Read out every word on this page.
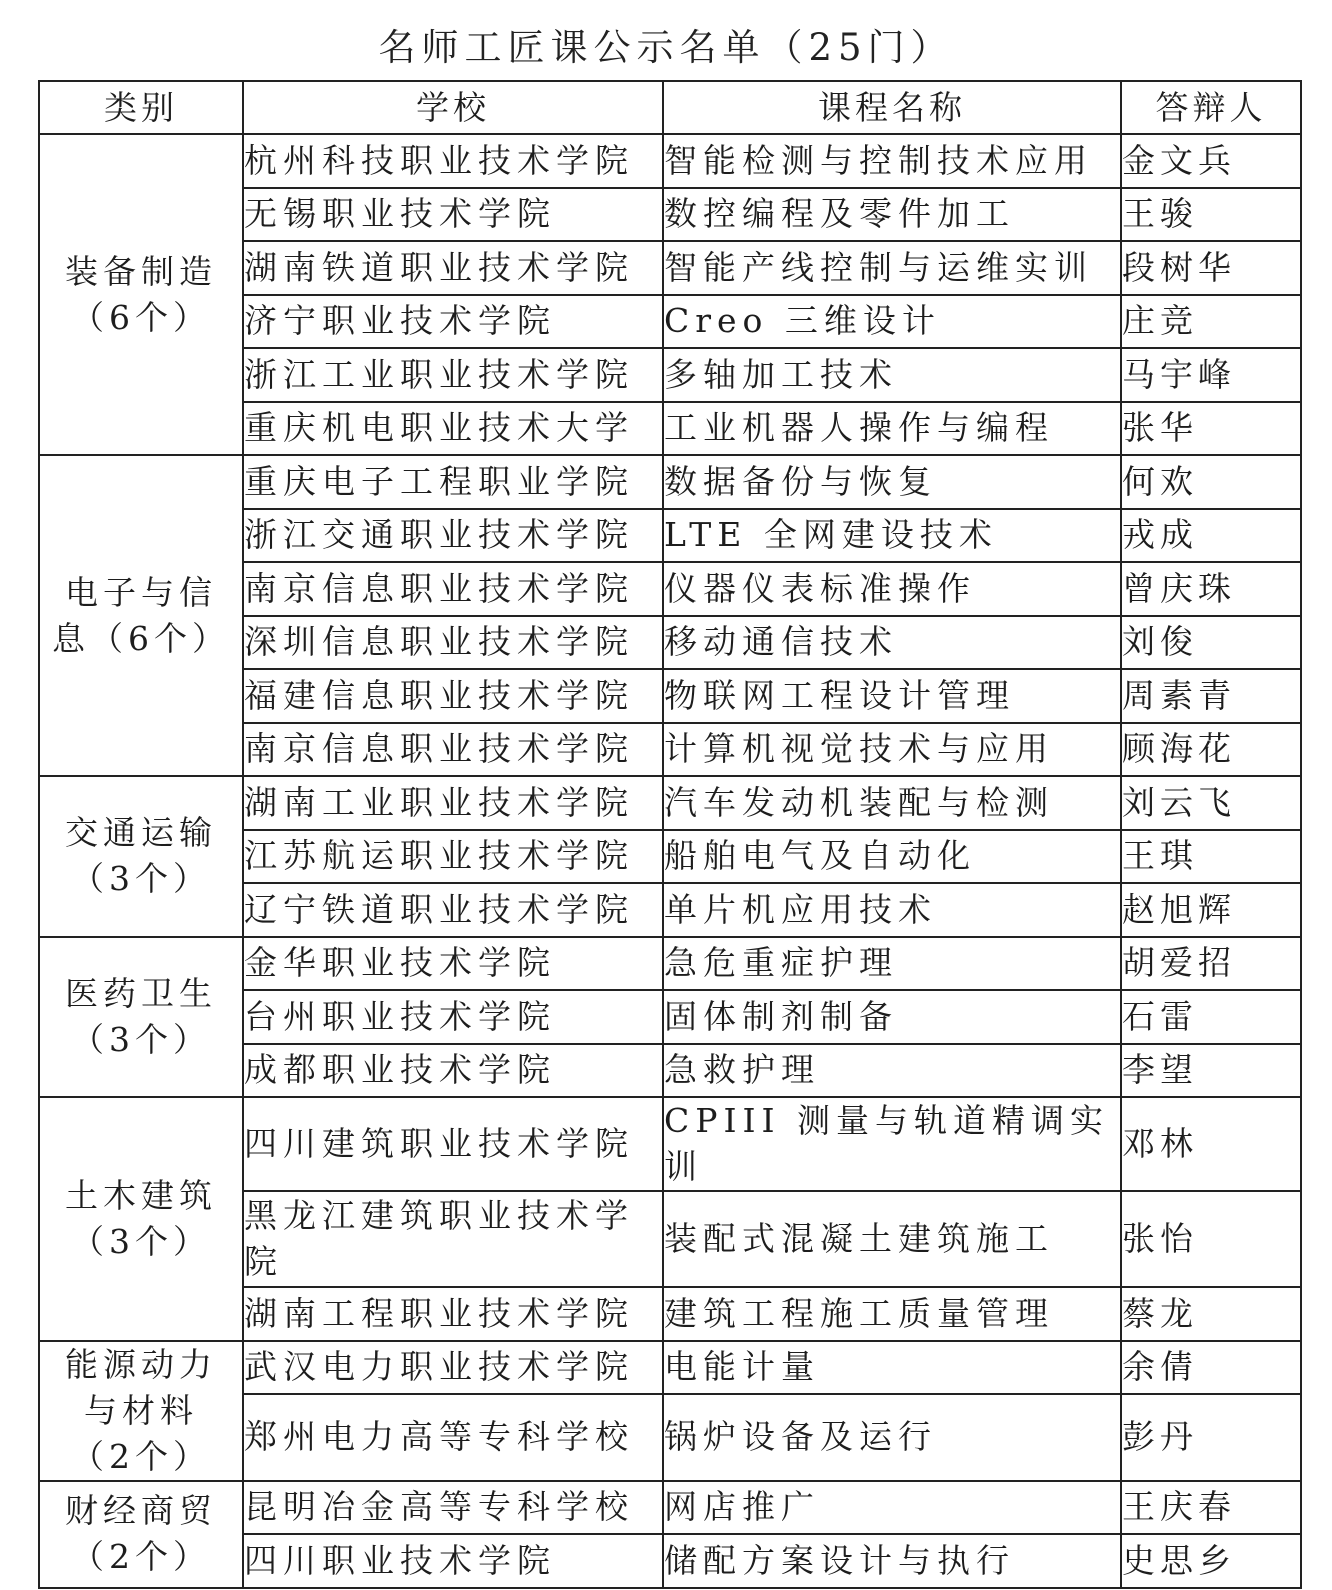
名师工匠课公示名单（25门）
类别	学校	课程名称	答辩人

装备制造
（6个）	杭州科技职业技术学院	智能检测与控制技术应用	金文兵
	无锡职业技术学院	数控编程及零件加工	王骏
	湖南铁道职业技术学院	智能产线控制与运维实训	段树华
	济宁职业技术学院	Creo 三维设计	庄竞
	浙江工业职业技术学院	多轴加工技术	马宇峰
	重庆机电职业技术大学	工业机器人操作与编程	张华

电子与信
息（6个）	重庆电子工程职业学院	数据备份与恢复	何欢
	浙江交通职业技术学院	LTE 全网建设技术	戎成
	南京信息职业技术学院	仪器仪表标准操作	曾庆珠
	深圳信息职业技术学院	移动通信技术	刘俊
	福建信息职业技术学院	物联网工程设计管理	周素青
	南京信息职业技术学院	计算机视觉技术与应用	顾海花

交通运输
（3个）	湖南工业职业技术学院	汽车发动机装配与检测	刘云飞
	江苏航运职业技术学院	船舶电气及自动化	王琪
	辽宁铁道职业技术学院	单片机应用技术	赵旭辉

医药卫生
（3个）	金华职业技术学院	急危重症护理	胡爱招
	台州职业技术学院	固体制剂制备	石雷
	成都职业技术学院	急救护理	李望

土木建筑
（3个）	四川建筑职业技术学院	CPIII 测量与轨道精调实训	邓林
	黑龙江建筑职业技术学院	装配式混凝土建筑施工	张怡
	湖南工程职业技术学院	建筑工程施工质量管理	蔡龙

能源动力
与材料
（2个）	武汉电力职业技术学院	电能计量	余倩
	郑州电力高等专科学校	锅炉设备及运行	彭丹

财经商贸
（2个）	昆明冶金高等专科学校	网店推广	王庆春
	四川职业技术学院	储配方案设计与执行	史思乡
